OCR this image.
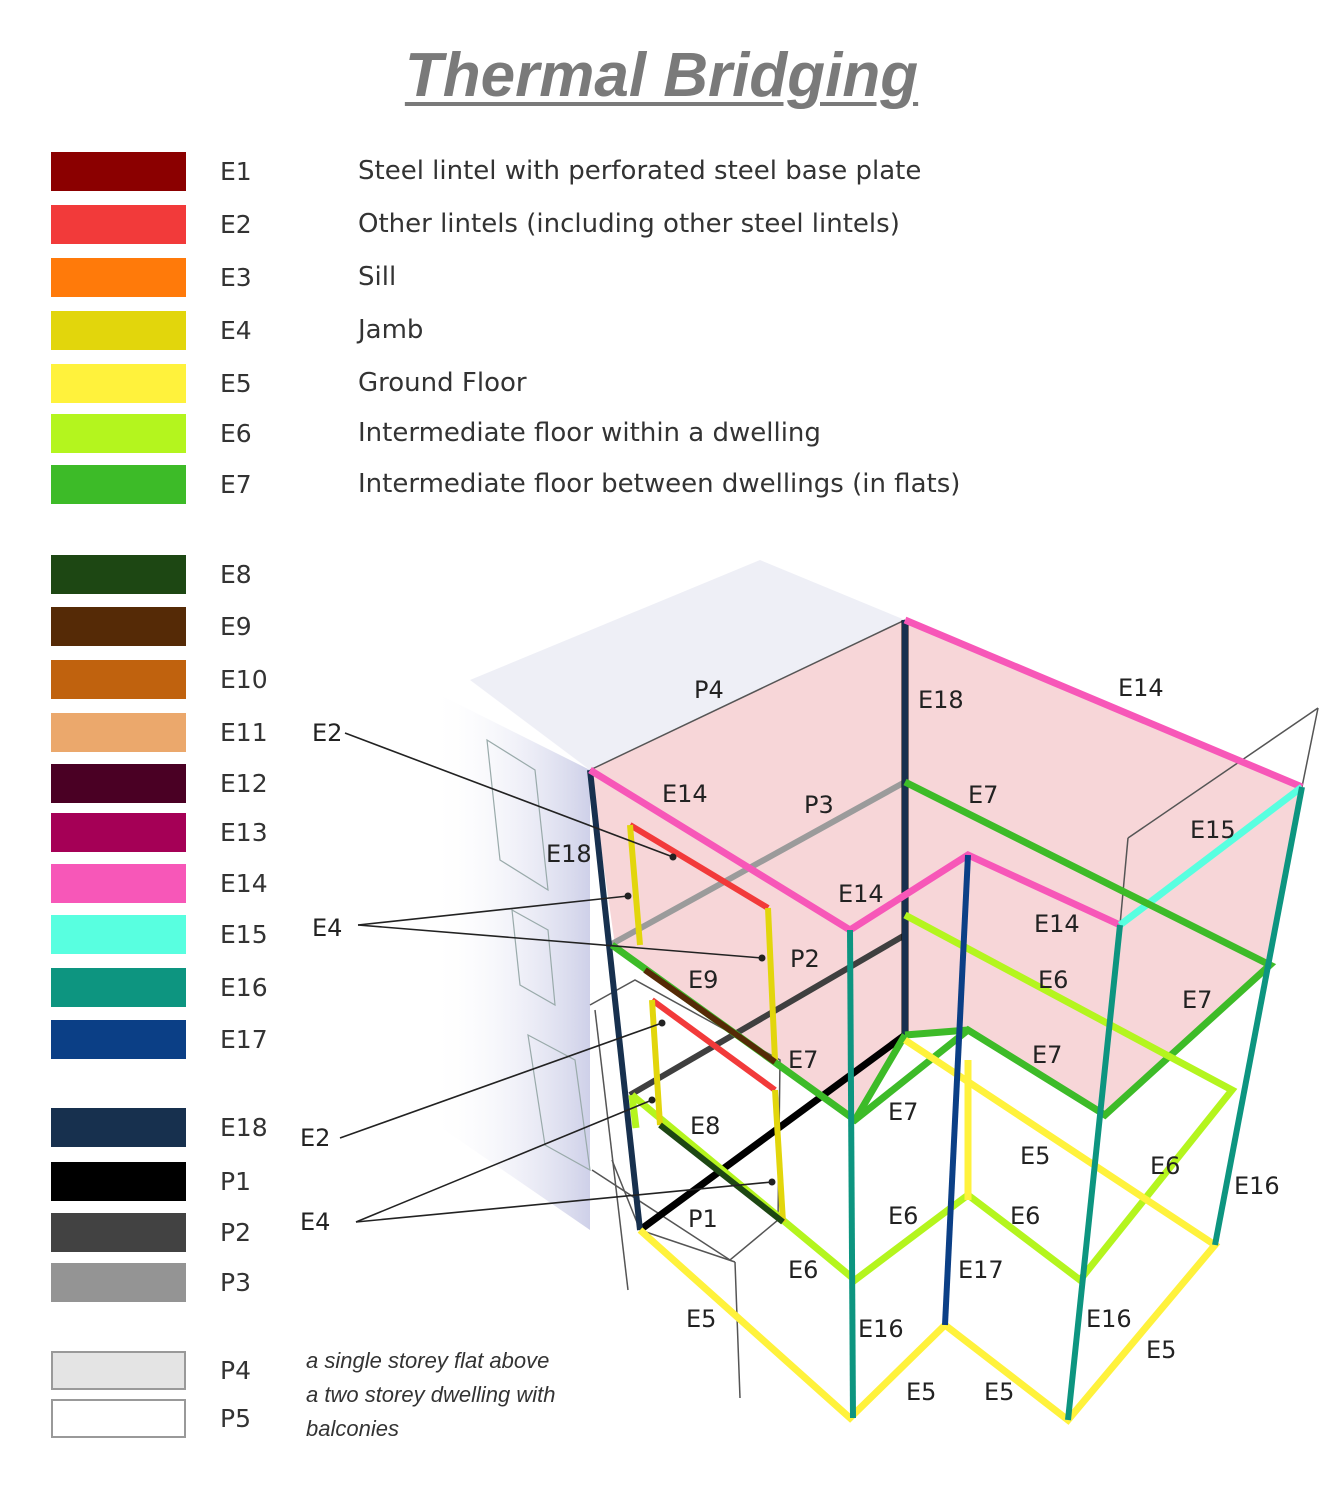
Thermal Bridging
E1	Steel lintel with perforated steel base plate
E2	Other lintels (including other steel lintels)
E3	Sill
E4	Jamb
E5	Ground Floor
E6	Intermediate floor within a dwelling
E7	Intermediate floor between dwellings (in flats)
E8
E9
E10
E11
E12
E13
E14
E15
E16
E17
E18
P1
P2
P3
P4
P5
P4	E18	E14
E2
E14	P3	E7
E15
E18
E14
E14
E4
P2
E6
E7
E9
E7	E7
E2
E7
E8
E5	E6
E16
E4	E6	E6
P1
E6	E17
E5	E16	E16
E5
E5 E5
a single storey flat above
a two storey dwelling with
balconies
